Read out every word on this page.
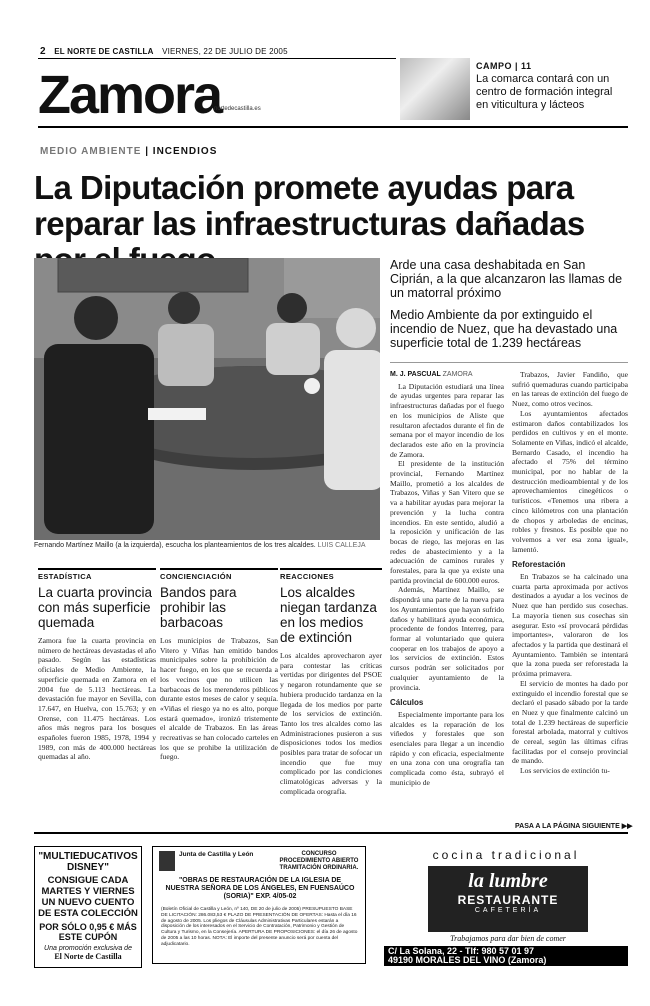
2 EL NORTE DE CASTILLA VIERNES, 22 DE JULIO DE 2005
Zamora
nortedecastilla.es
CAMPO | 11
La comarca contará con un centro de formación integral en viticultura y lácteos
MEDIO AMBIENTE | INCENDIOS
La Diputación promete ayudas para reparar las infraestructuras dañadas
Fernando Martínez Maillo (a la izquierda), escucha los planteamientos de los tres alcaldes. LUIS CALLEJA

Arde una casa deshabitada en San Ciprián, a la que alcanzaron las llamas de un matorral próximo

Medio Ambiente da por extinguido el incendio de Nuez, que ha devastado una superficie total de 1.239 hectáreas

M. J. PASCUAL ZAMORA

La Diputación estudiará una línea de ayudas urgentes para reparar las infraestructuras dañadas por el fuego en los municipios de Aliste que resultaron afectados durante el fin de semana por el mayor incendio de los declarados este año en la provincia de Zamora.

El presidente de la institución provincial, Fernando Martínez Maillo, prometió a los alcaldes de Trabazos, Viñas y San Vitero que se va a habilitar ayudas para mejorar la prevención y la lucha contra incendios. En este sentido, aludió a la reposición y unificación de las bocas de riego, las mejoras en las redes de abastecimiento y a la adecuación de caminos rurales y forestales, para la que ya existe una partida provincial de 600.000 euros.

Además, Martínez Maillo, se dispondrá una parte de la nueva para los Ayuntamientos que hayan sufrido daños y habilitará ayuda económica, procedente de fondos Interreg, para formar al voluntariado que quiera cooperar en los trabajos de apoyo a los servicios de extinción. Estos cursos podrán ser solicitados por cualquier ayuntamiento de la provincia.

Cálculos

Especialmente importante para los alcaldes es la reparación de los viñedos y forestales que son esenciales para llegar a un incendio rápido y con eficacia, especialmente en una zona con una orografía tan complicada como ésta, subrayó el municipio de

Trabazos, Javier Fandiño, que sufrió quemaduras cuando participaba en las tareas de extinción del fuego de Nuez, como otros vecinos.

Los ayuntamientos afectados estimaron daños contabilizados los perdidos en cultivos y en el monte. Solamente en Viñas, indicó el alcalde, Bernardo Casado, el incendio ha afectado el 75% del término municipal, por no hablar de la destrucción medioambiental y de los aprovechamientos cinegéticos o turísticos. «Tenemos una ribera a cinco kilómetros con una plantación de chopos y arboledas de encinas, robles y fresnos. Es posible que no volvemos a ver esa zona igual», lamentó.

Reforestación

En Trabazos se ha calcinado una cuarta parta aproximada por activos destinados a ayudar a los vecinos de Nuez que han perdido sus cosechas. La mayoría tienen sus cosechas sin asegurar. Esto «sí provocará pérdidas importantes», valoraron de los afectados y la partida que destinará el Ayuntamiento. También se intentará que la zona pueda ser reforestada la próxima primavera.

El servicio de montes ha dado por extinguido el incendio forestal que se declaró el pasado sábado por la tarde en Nuez y que finalmente calcinó un total de 1.239 hectáreas de superficie forestal arbolada, matorral y cultivos de cereal, según las últimas cifras facilitadas por el consejo provincial de mando.

Los servicios de extinción tu-

ESTADÍSTICA
La cuarta provincia con más superficie quemada
Zamora fue la cuarta provincia en número de hectáreas devastadas el año pasado. Según las estadísticas oficiales de Medio Ambiente, la superficie quemada en Zamora en el 2004 fue de 5.113 hectáreas. La devastación fue mayor en Sevilla, con 17.647, en Huelva, con 15.763; y en Orense, con 11.475 hectáreas. Los años más negros para los bosques españoles fueron 1985, 1978, 1994 y 1989, con más de 400.000 hectáreas quemadas al año.
CONCIENCIACIÓN
Bandos para prohibir las barbacoas
Los municipios de Trabazos, San Vitero y Viñas han emitido bandos municipales sobre la prohibición de hacer fuego, en los que se recuerda a los vecinos que no utilicen las barbacoas de los merenderos públicos durante estos meses de calor y sequía. «Viñas el riesgo ya no es alto, porque estará quemado», ironizó tristemente el alcalde de Trabazos. En las áreas recreativas se han colocado carteles en los que se prohibe la utilización de fuego.
REACCIONES
Los alcaldes niegan tardanza en los medios de extinción
Los alcaldes aprovecharon ayer para contestar las críticas vertidas por dirigentes del PSOE y negaron rotundamente que se hubiera producido tardanza en la llegada de los medios por parte de los servicios de extinción. Tanto los tres alcaldes como las Administraciones pusieron a sus disposiciones todos los medios posibles para tratar de sofocar un incendio que fue muy complicado por las condiciones climatológicas adversas y la complicada orografía.
PASA A LA PÁGINA SIGUIENTE ▶▶
"MULTIEDUCATIVOS DISNEY"
CONSIGUE CADA MARTES Y VIERNES UN NUEVO CUENTO DE ESTA COLECCIÓN
POR SÓLO 0,95 € MÁS ESTE CUPÓN
Una promoción exclusiva de
El Norte de Castilla
Junta de Castilla y León	CONCURSO PROCEDIMIENTO ABIERTO TRAMITACIÓN ORDINARIA.
"OBRAS DE RESTAURACIÓN DE LA IGLESIA DE NUESTRA SEÑORA DE LOS ÁNGELES, EN FUENSAÚCO (SORIA)" EXP. 4/05-02
(Boletín Oficial de Castilla y León, nº 140, DE 20 de julio de 2005) PRESUPUESTO BASE DE LICITACIÓN: 286.083,53 € PLAZO DE PRESENTACIÓN DE OFERTAS: Hasta el día 16 de agosto de 2005. Los pliegos de Cláusulas Administrativas Particulares estarán a disposición de los interesados en el Servicio de Contratación, Patrimonio y Gestión de Cultura y Turismo, en la Consejería. APERTURA DE PROPOSICIONES: el día 26 de agosto de 2005 a las 10 horas. NOTA: El importe del presente anuncio será por cuenta del adjudicatario.
cocina tradicional
la lumbre
RESTAURANTE
CAFETERÍA
Trabajamos para dar bien de comer
C/ La Solana, 22 - Tlf: 980 57 01 97
49190 MORALES DEL VINO (Zamora)
